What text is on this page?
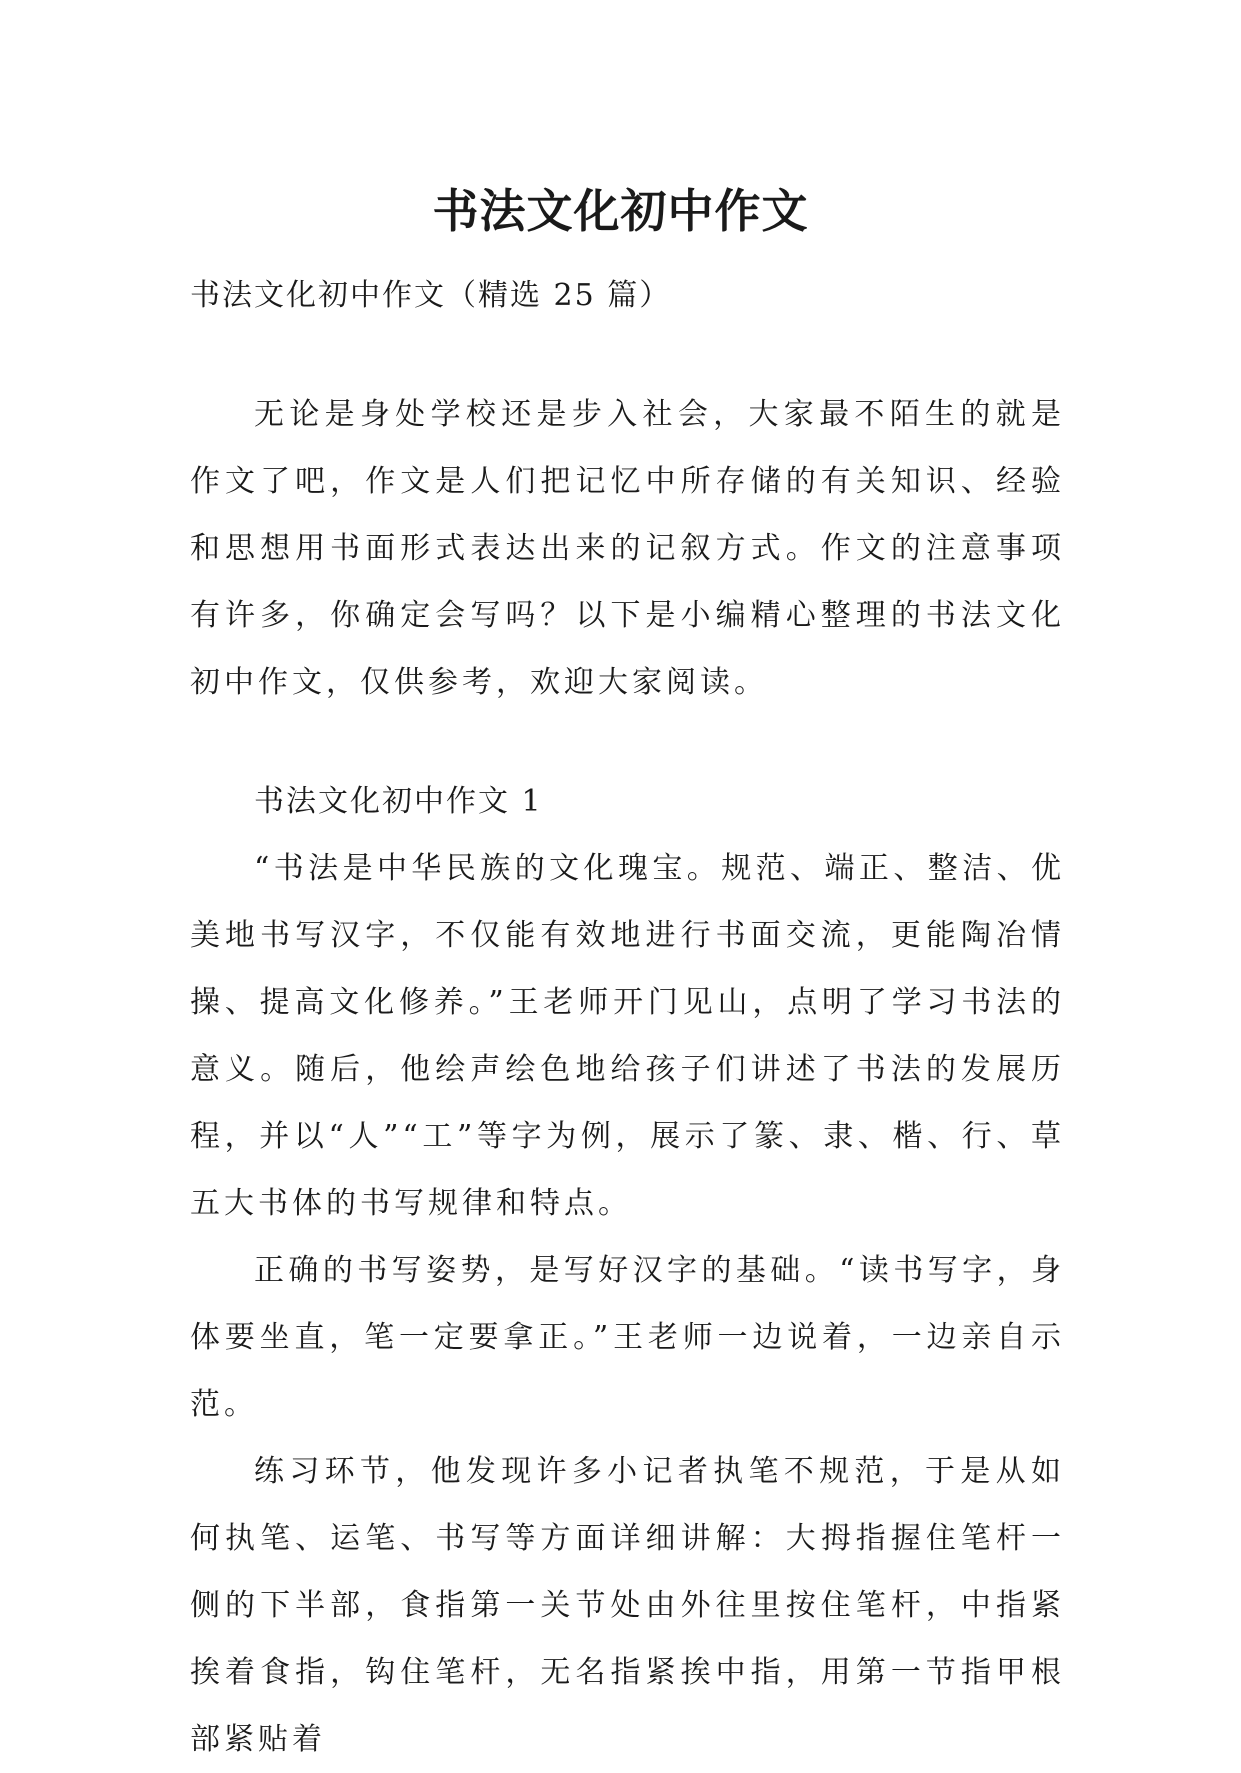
书法文化初中作文

书法文化初中作文（精选 25 篇）

无论是身处学校还是步入社会，大家最不陌生的就是作文了吧，作文是人们把记忆中所存储的有关知识、经验和思想用书面形式表达出来的记叙方式。作文的注意事项有许多，你确定会写吗？以下是小编精心整理的书法文化初中作文，仅供参考，欢迎大家阅读。

书法文化初中作文 1

“书法是中华民族的文化瑰宝。规范、端正、整洁、优美地书写汉字，不仅能有效地进行书面交流，更能陶冶情操、提高文化修养。”王老师开门见山，点明了学习书法的意义。随后，他绘声绘色地给孩子们讲述了书法的发展历程，并以“人”“工”等字为例，展示了篆、隶、楷、行、草五大书体的书写规律和特点。

正确的书写姿势，是写好汉字的基础。“读书写字，身体要坐直，笔一定要拿正。”王老师一边说着，一边亲自示范。

练习环节，他发现许多小记者执笔不规范，于是从如何执笔、运笔、书写等方面详细讲解：大拇指握住笔杆一侧的下半部，食指第一关节处由外往里按住笔杆，中指紧挨着食指，钩住笔杆，无名指紧挨中指，用第一节指甲根部紧贴着
